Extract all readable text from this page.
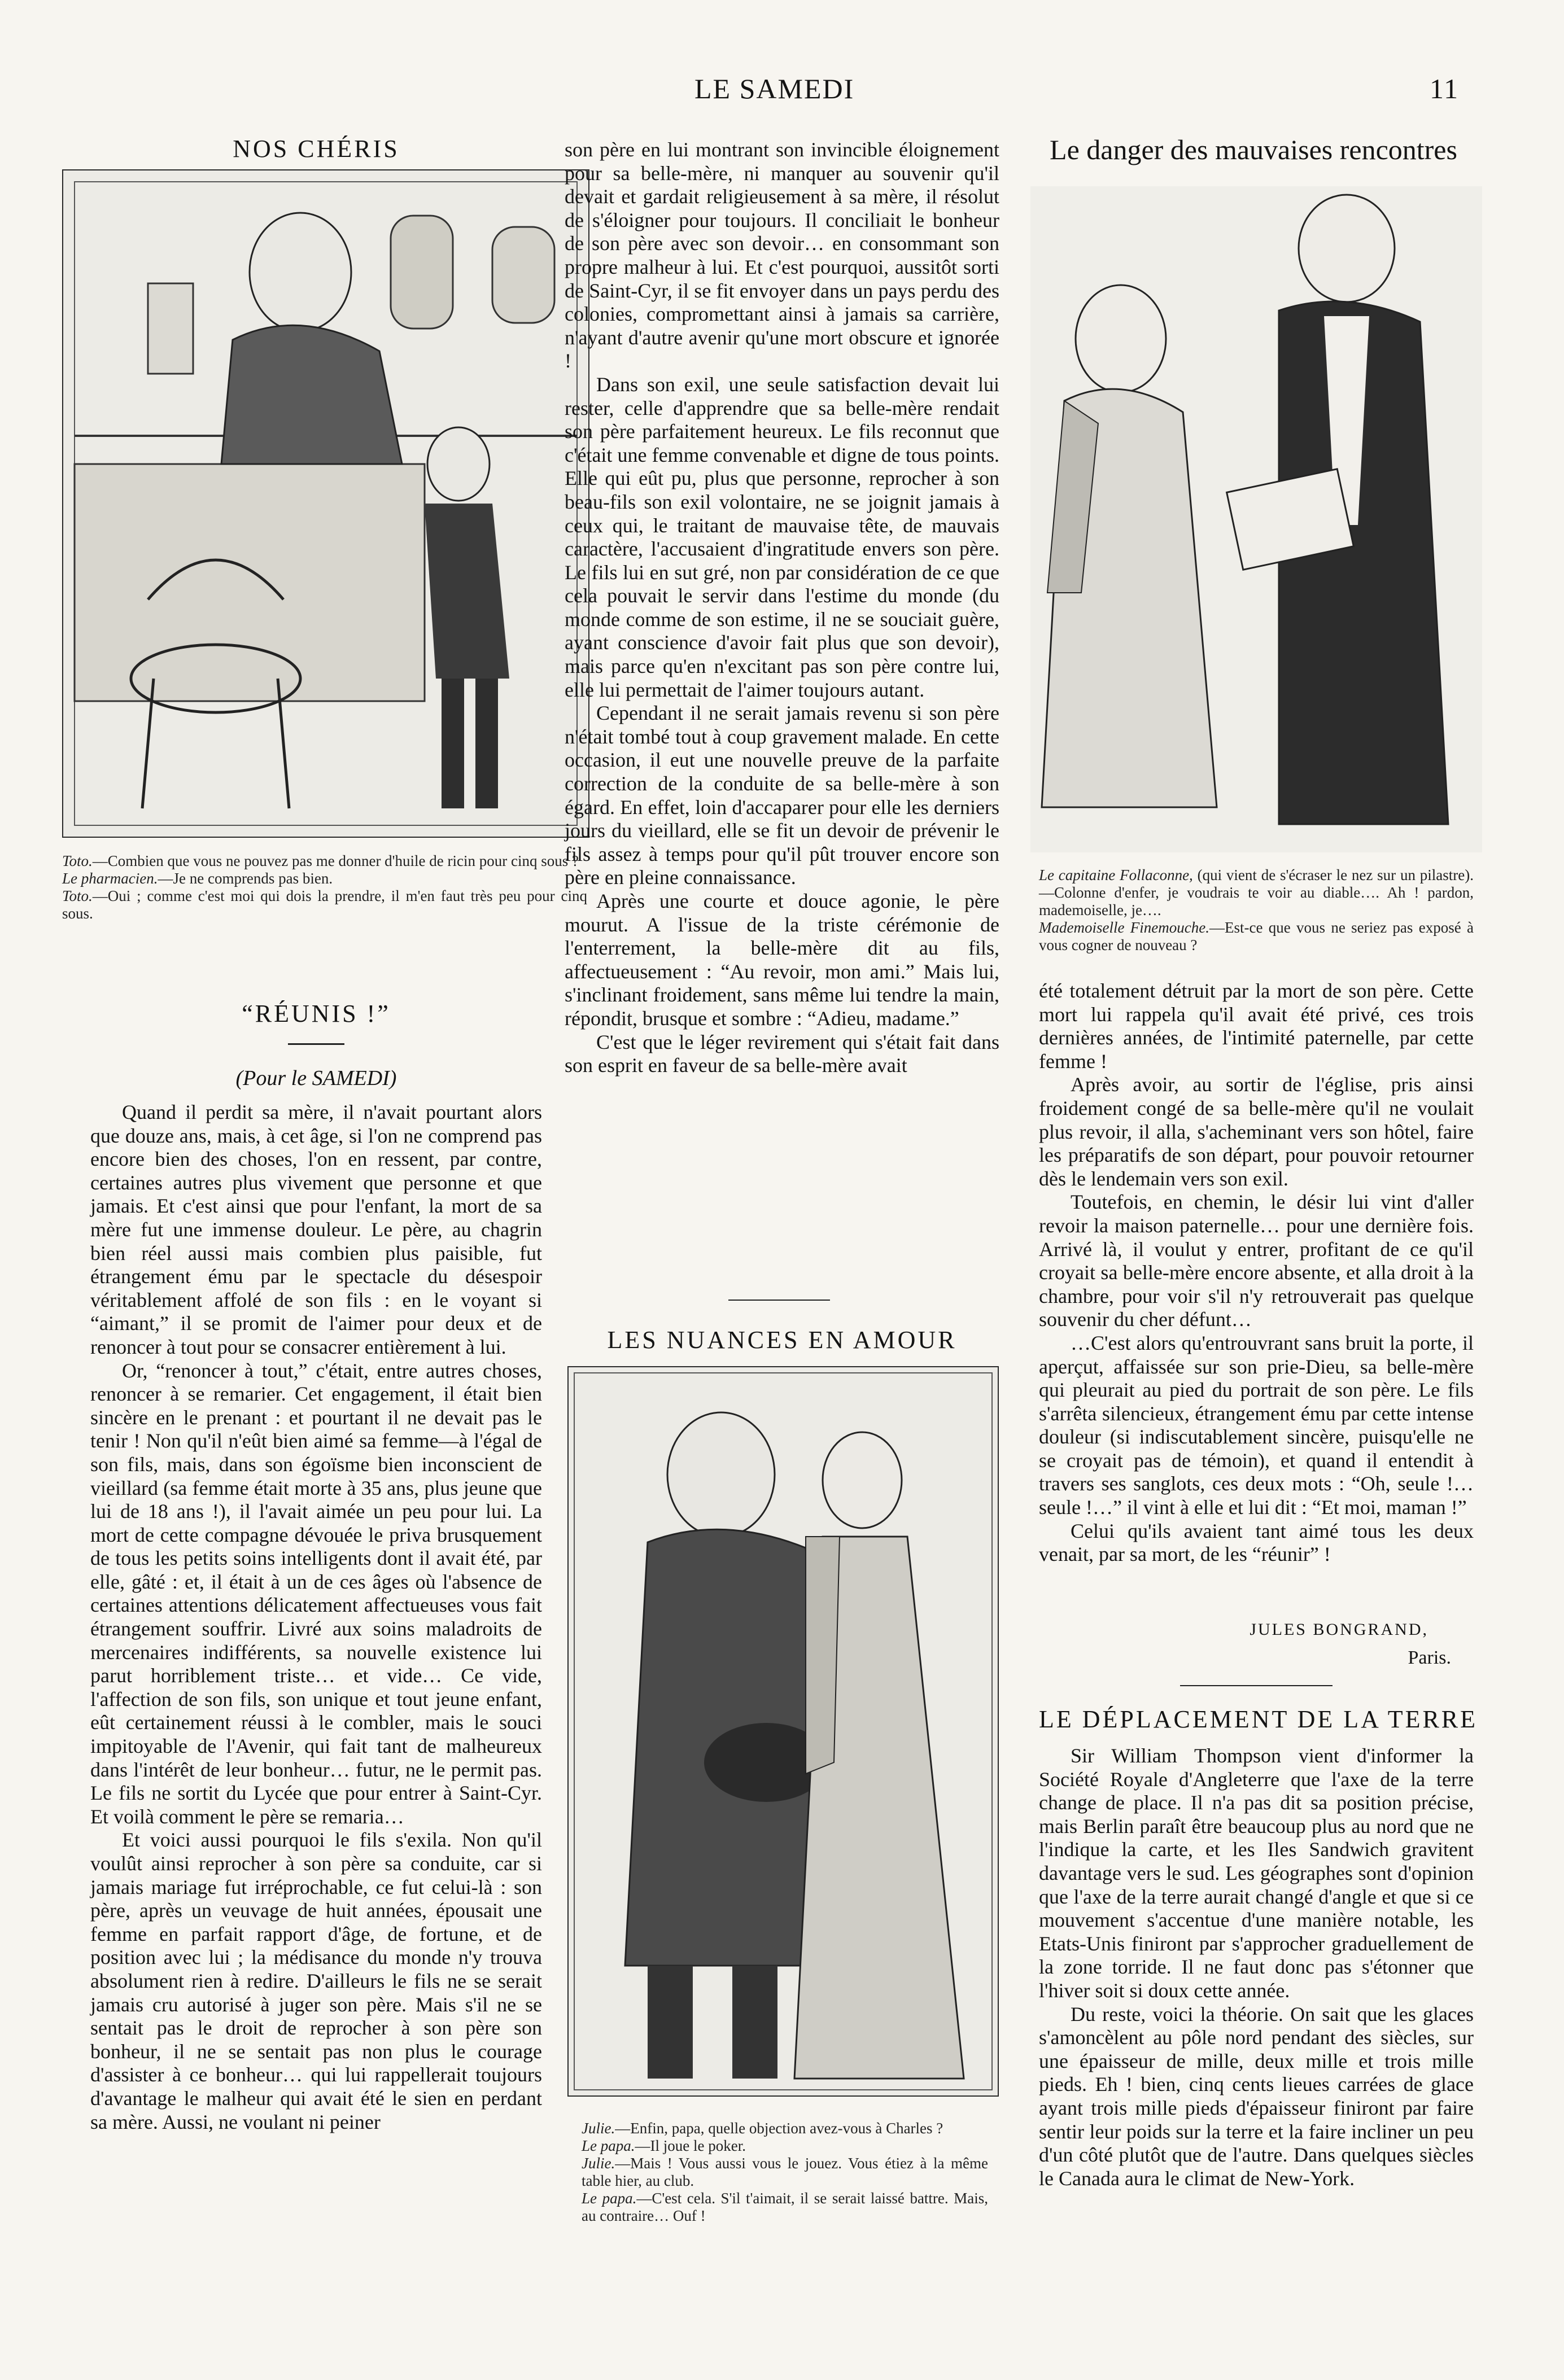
LE SAMEDI	11
NOS CHÉRIS

Toto.—Combien que vous ne pouvez pas me donner d'huile de ricin pour cinq sous ?

Le pharmacien.—Je ne comprends pas bien.

Toto.—Oui ; comme c'est moi qui dois la prendre, il m'en faut très peu pour cinq sous.

“RÉUNIS !”
(Pour le SAMEDI)

Quand il perdit sa mère, il n'avait pourtant alors que douze ans, mais, à cet âge, si l'on ne comprend pas encore bien des choses, l'on en ressent, par contre, certaines autres plus vivement que personne et que jamais. Et c'est ainsi que pour l'enfant, la mort de sa mère fut une immense douleur. Le père, au chagrin bien réel aussi mais combien plus paisible, fut étrangement ému par le spectacle du désespoir véritablement affolé de son fils : en le voyant si “aimant,” il se promit de l'aimer pour deux et de renoncer à tout pour se consacrer entièrement à lui.

Or, “renoncer à tout,” c'était, entre autres choses, renoncer à se remarier. Cet engagement, il était bien sincère en le prenant : et pourtant il ne devait pas le tenir ! Non qu'il n'eût bien aimé sa femme—à l'égal de son fils, mais, dans son égoïsme bien inconscient de vieillard (sa femme était morte à 35 ans, plus jeune que lui de 18 ans !), il l'avait aimée un peu pour lui. La mort de cette compagne dévouée le priva brusquement de tous les petits soins intelligents dont il avait été, par elle, gâté : et, il était à un de ces âges où l'absence de certaines attentions délicatement affectueuses vous fait étrangement souffrir. Livré aux soins maladroits de mercenaires indifférents, sa nouvelle existence lui parut horriblement triste… et vide… Ce vide, l'affection de son fils, son unique et tout jeune enfant, eût certainement réussi à le combler, mais le souci impitoyable de l'Avenir, qui fait tant de malheureux dans l'intérêt de leur bonheur… futur, ne le permit pas. Le fils ne sortit du Lycée que pour entrer à Saint-Cyr. Et voilà comment le père se remaria…

Et voici aussi pourquoi le fils s'exila. Non qu'il voulût ainsi reprocher à son père sa conduite, car si jamais mariage fut irréprochable, ce fut celui-là : son père, après un veuvage de huit années, épousait une femme en parfait rapport d'âge, de fortune, et de position avec lui ; la médisance du monde n'y trouva absolument rien à redire. D'ailleurs le fils ne se serait jamais cru autorisé à juger son père. Mais s'il ne se sentait pas le droit de reprocher à son père son bonheur, il ne se sentait pas non plus le courage d'assister à ce bonheur… qui lui rappellerait toujours d'avantage le malheur qui avait été le sien en perdant sa mère. Aussi, ne voulant ni peiner

son père en lui montrant son invincible éloignement pour sa belle-mère, ni manquer au souvenir qu'il devait et gardait religieusement à sa mère, il résolut de s'éloigner pour toujours. Il conciliait le bonheur de son père avec son devoir… en consommant son propre malheur à lui. Et c'est pourquoi, aussitôt sorti de Saint-Cyr, il se fit envoyer dans un pays perdu des colonies, compromettant ainsi à jamais sa carrière, n'ayant d'autre avenir qu'une mort obscure et ignorée !

Dans son exil, une seule satisfaction devait lui rester, celle d'apprendre que sa belle-mère rendait son père parfaitement heureux. Le fils reconnut que c'était une femme convenable et digne de tous points. Elle qui eût pu, plus que personne, reprocher à son beau-fils son exil volontaire, ne se joignit jamais à ceux qui, le traitant de mauvaise tête, de mauvais caractère, l'accusaient d'ingratitude envers son père. Le fils lui en sut gré, non par considération de ce que cela pouvait le servir dans l'estime du monde (du monde comme de son estime, il ne se souciait guère, ayant conscience d'avoir fait plus que son devoir), mais parce qu'en n'excitant pas son père contre lui, elle lui permettait de l'aimer toujours autant.

Cependant il ne serait jamais revenu si son père n'était tombé tout à coup gravement malade. En cette occasion, il eut une nouvelle preuve de la parfaite correction de la conduite de sa belle-mère à son égard. En effet, loin d'accaparer pour elle les derniers jours du vieillard, elle se fit un devoir de prévenir le fils assez à temps pour qu'il pût trouver encore son père en pleine connaissance.

Après une courte et douce agonie, le père mourut. A l'issue de la triste cérémonie de l'enterrement, la belle-mère dit au fils, affectueusement : “Au revoir, mon ami.” Mais lui, s'inclinant froidement, sans même lui tendre la main, répondit, brusque et sombre : “Adieu, madame.”

C'est que le léger revirement qui s'était fait dans son esprit en faveur de sa belle-mère avait

LES NUANCES EN AMOUR

Julie.—Enfin, papa, quelle objection avez-vous à Charles ?

Le papa.—Il joue le poker.

Julie.—Mais ! Vous aussi vous le jouez. Vous étiez à la même table hier, au club.

Le papa.—C'est cela. S'il t'aimait, il se serait laissé battre. Mais, au contraire… Ouf !

Le danger des mauvaises rencontres

Le capitaine Follaconne, (qui vient de s'écraser le nez sur un pilastre). —Colonne d'enfer, je voudrais te voir au diable…. Ah ! pardon, mademoiselle, je….

Mademoiselle Finemouche.—Est-ce que vous ne seriez pas exposé à vous cogner de nouveau ?

été totalement détruit par la mort de son père. Cette mort lui rappela qu'il avait été privé, ces trois dernières années, de l'intimité paternelle, par cette femme !

Après avoir, au sortir de l'église, pris ainsi froidement congé de sa belle-mère qu'il ne voulait plus revoir, il alla, s'acheminant vers son hôtel, faire les préparatifs de son départ, pour pouvoir retourner dès le lendemain vers son exil.

Toutefois, en chemin, le désir lui vint d'aller revoir la maison paternelle… pour une dernière fois. Arrivé là, il voulut y entrer, profitant de ce qu'il croyait sa belle-mère encore absente, et alla droit à la chambre, pour voir s'il n'y retrouverait pas quelque souvenir du cher défunt…

…C'est alors qu'entrouvrant sans bruit la porte, il aperçut, affaissée sur son prie-Dieu, sa belle-mère qui pleurait au pied du portrait de son père. Le fils s'arrêta silencieux, étrangement ému par cette intense douleur (si indiscutablement sincère, puisqu'elle ne se croyait pas de témoin), et quand il entendit à travers ses sanglots, ces deux mots : “Oh, seule !… seule !…” il vint à elle et lui dit : “Et moi, maman !”

Celui qu'ils avaient tant aimé tous les deux venait, par sa mort, de les “réunir” !

JULES BONGRAND,
Paris.
LE DÉPLACEMENT DE LA TERRE

Sir William Thompson vient d'informer la Société Royale d'Angleterre que l'axe de la terre change de place. Il n'a pas dit sa position précise, mais Berlin paraît être beaucoup plus au nord que ne l'indique la carte, et les Iles Sandwich gravitent davantage vers le sud. Les géographes sont d'opinion que l'axe de la terre aurait changé d'angle et que si ce mouvement s'accentue d'une manière notable, les Etats-Unis finiront par s'approcher graduellement de la zone torride. Il ne faut donc pas s'étonner que l'hiver soit si doux cette année.

Du reste, voici la théorie. On sait que les glaces s'amoncèlent au pôle nord pendant des siècles, sur une épaisseur de mille, deux mille et trois mille pieds. Eh ! bien, cinq cents lieues carrées de glace ayant trois mille pieds d'épaisseur finiront par faire sentir leur poids sur la terre et la faire incliner un peu d'un côté plutôt que de l'autre. Dans quelques siècles le Canada aura le climat de New-York.
